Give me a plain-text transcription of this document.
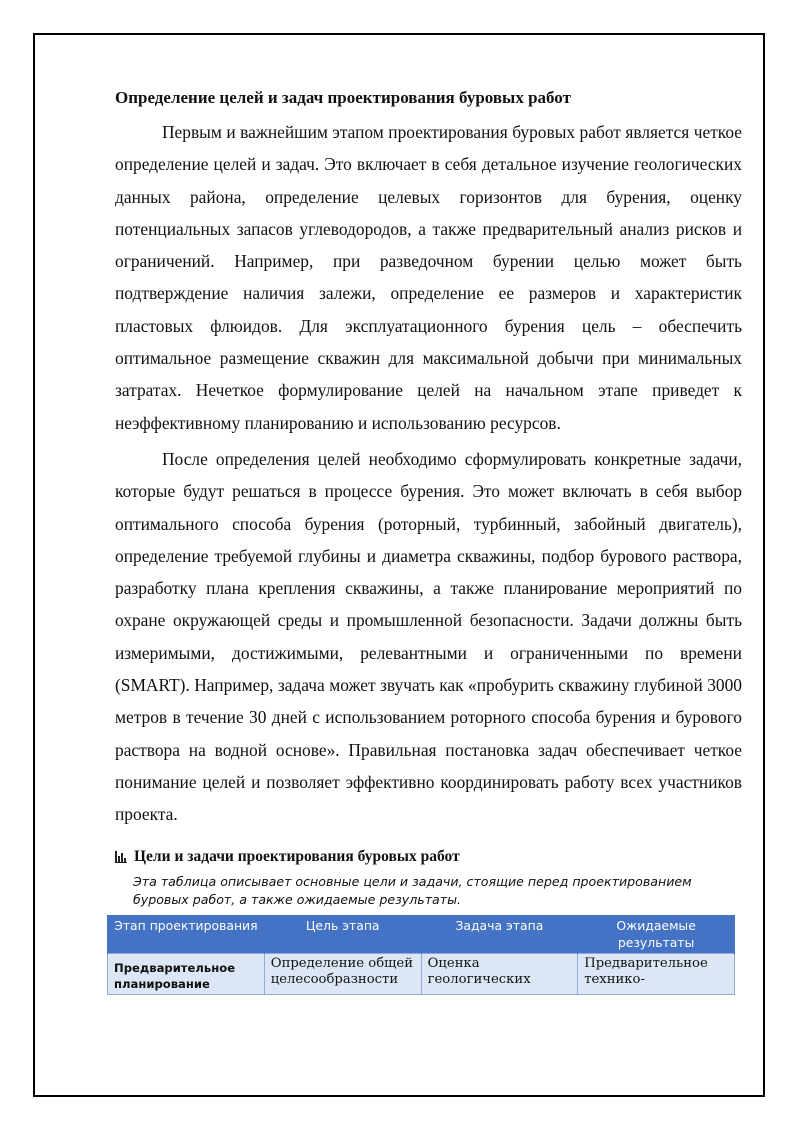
Определение целей и задач проектирования буровых работ

Первым и важнейшим этапом проектирования буровых работ является четкое определение целей и задач. Это включает в себя детальное изучение геологических данных района, определение целевых горизонтов для бурения, оценку потенциальных запасов углеводородов, а также предварительный анализ рисков и ограничений. Например, при разведочном бурении целью может быть подтверждение наличия залежи, определение ее размеров и характеристик пластовых флюидов. Для эксплуатационного бурения цель – обеспечить оптимальное размещение скважин для максимальной добычи при минимальных затратах. Нечеткое формулирование целей на начальном этапе приведет к неэффективному планированию и использованию ресурсов.

После определения целей необходимо сформулировать конкретные задачи, которые будут решаться в процессе бурения. Это может включать в себя выбор оптимального способа бурения (роторный, турбинный, забойный двигатель), определение требуемой глубины и диаметра скважины, подбор бурового раствора, разработку плана крепления скважины, а также планирование мероприятий по охране окружающей среды и промышленной безопасности. Задачи должны быть измеримыми, достижимыми, релевантными и ограниченными по времени (SMART). Например, задача может звучать как «пробурить скважину глубиной 3000 метров в течение 30 дней с использованием роторного способа бурения и бурового раствора на водной основе». Правильная постановка задач обеспечивает четкое понимание целей и позволяет эффективно координировать работу всех участников проекта.

Цели и задачи проектирования буровых работ
Эта таблица описывает основные цели и задачи, стоящие перед проектированием буровых работ, а также ожидаемые результаты.
Этап проектирования	Цель этапа	Задача этапа	Ожидаемые результаты
Предварительное планирование	Определение общей целесообразности	Оценка геологических	Предварительное технико-
